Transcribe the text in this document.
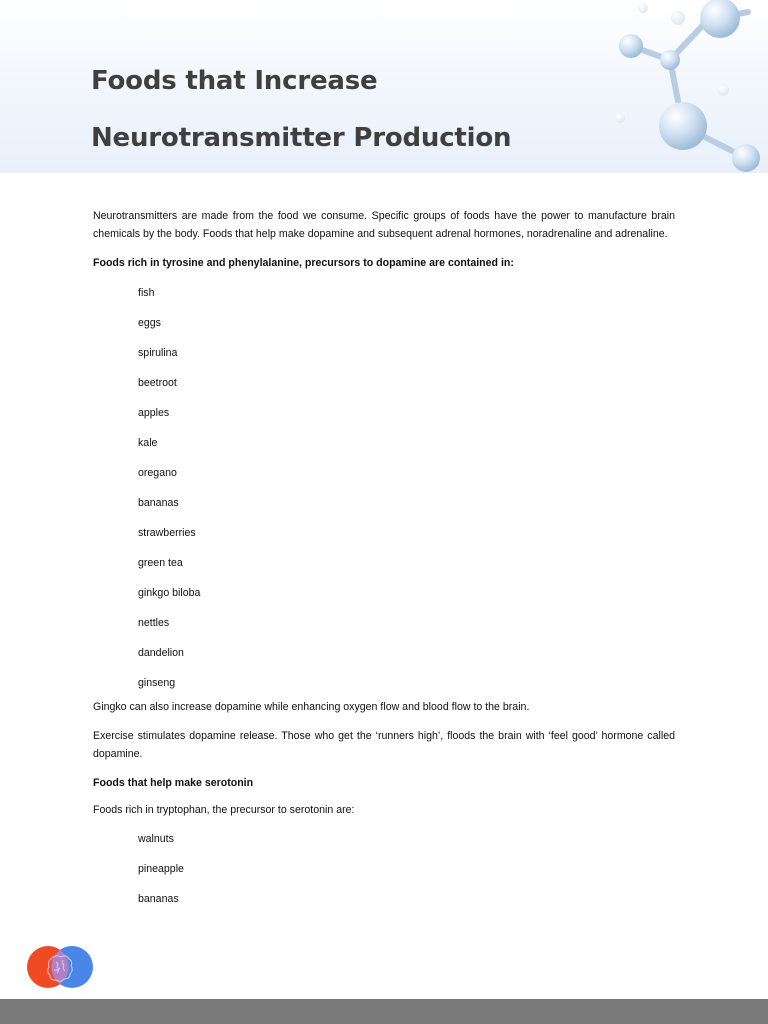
Foods that Increase
Neurotransmitter Production

Neurotransmitters are made from the food we consume. Specific groups of foods have the power to manufacture brain chemicals by the body. Foods that help make dopamine and subsequent adrenal hormones, noradrenaline and adrenaline.

Foods rich in tyrosine and phenylalanine, precursors to dopamine are contained in:

fish
eggs
spirulina
beetroot
apples
kale
oregano
bananas
strawberries
green tea
ginkgo biloba
nettles
dandelion
ginseng

Gingko can also increase dopamine while enhancing oxygen flow and blood flow to the brain.

Exercise stimulates dopamine release. Those who get the ‘runners high’, floods the brain with ‘feel good’ hormone called dopamine.

Foods that help make serotonin

Foods rich in tryptophan, the precursor to serotonin are:

walnuts
pineapple
bananas
